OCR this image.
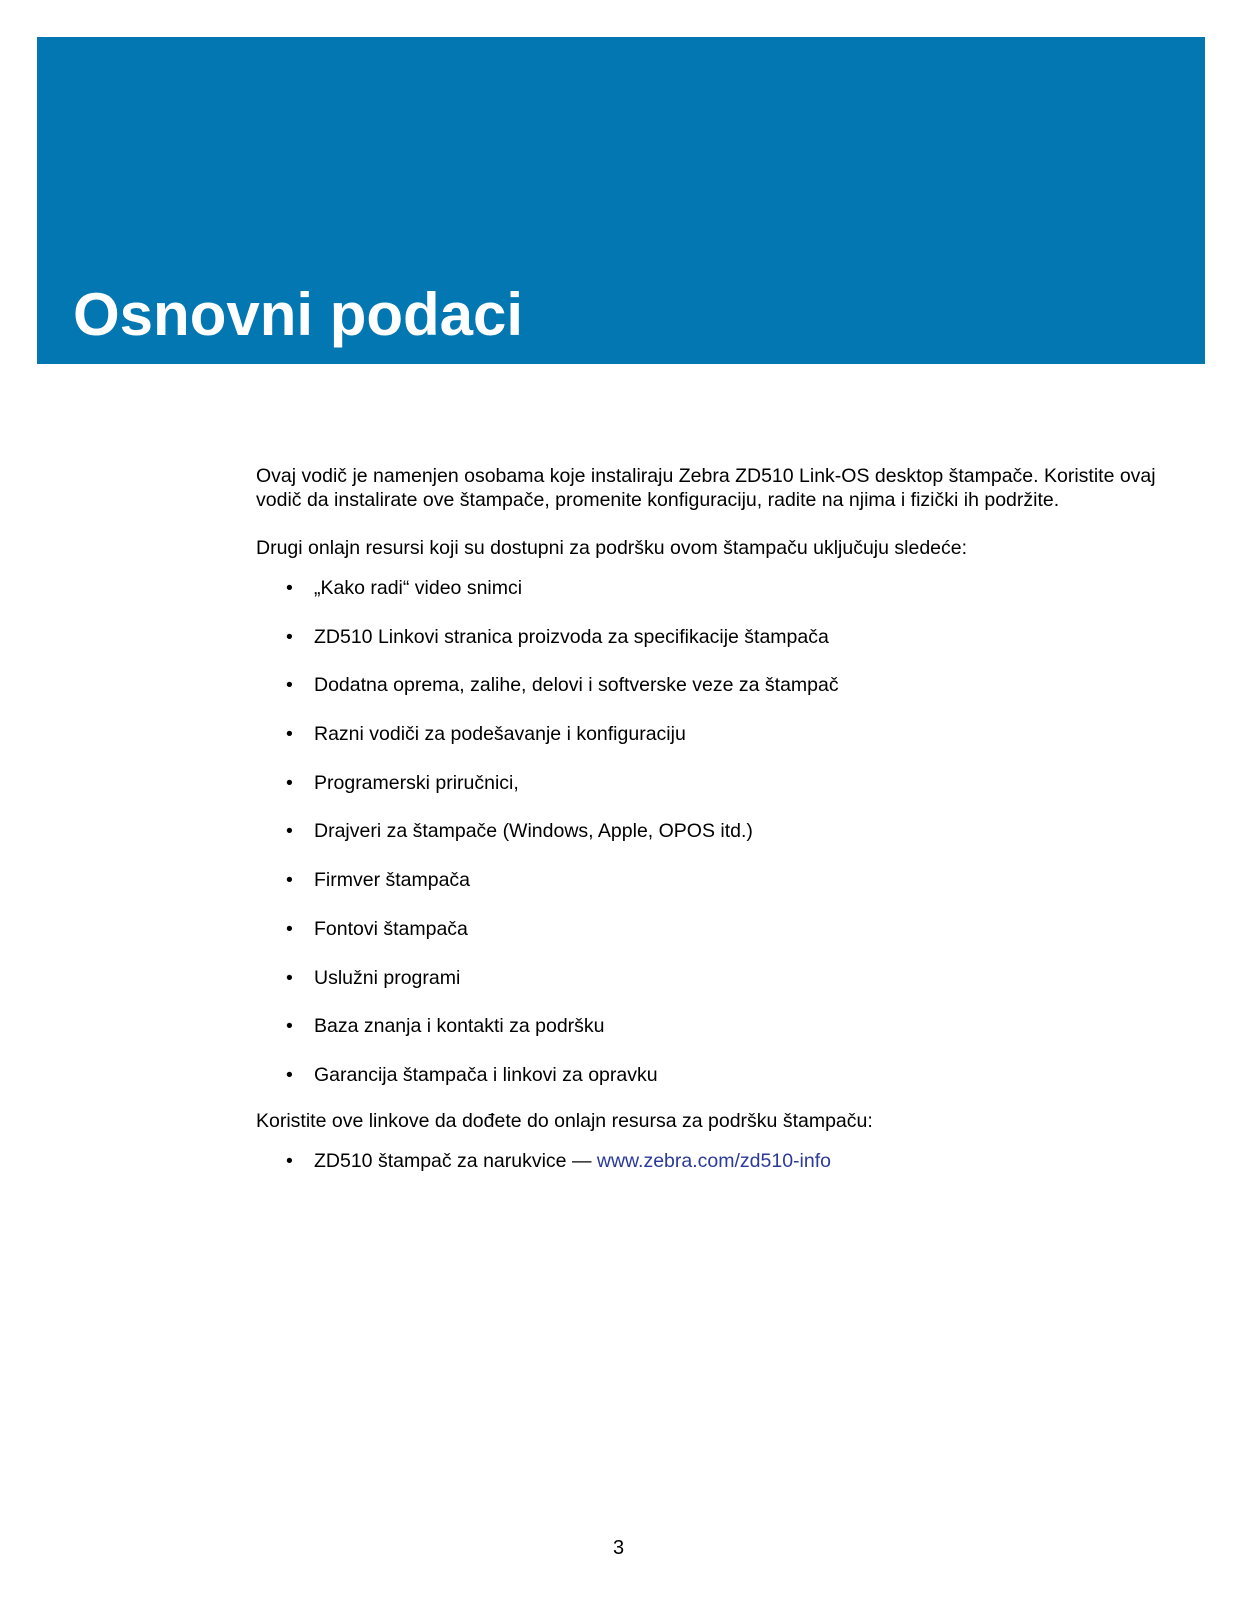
Osnovni podaci

Ovaj vodič je namenjen osobama koje instaliraju Zebra ZD510 Link-OS desktop štampače. Koristite ovaj vodič da instalirate ove štampače, promenite konfiguraciju, radite na njima i fizički ih podržite.

Drugi onlajn resursi koji su dostupni za podršku ovom štampaču uključuju sledeće:

• „Kako radi“ video snimci
• ZD510 Linkovi stranica proizvoda za specifikacije štampača
• Dodatna oprema, zalihe, delovi i softverske veze za štampač
• Razni vodiči za podešavanje i konfiguraciju
• Programerski priručnici,
• Drajveri za štampače (Windows, Apple, OPOS itd.)
• Firmver štampača
• Fontovi štampača
• Uslužni programi
• Baza znanja i kontakti za podršku
• Garancija štampača i linkovi za opravku

Koristite ove linkove da dođete do onlajn resursa za podršku štampaču:

• ZD510 štampač za narukvice — www.zebra.com/zd510-info
3
